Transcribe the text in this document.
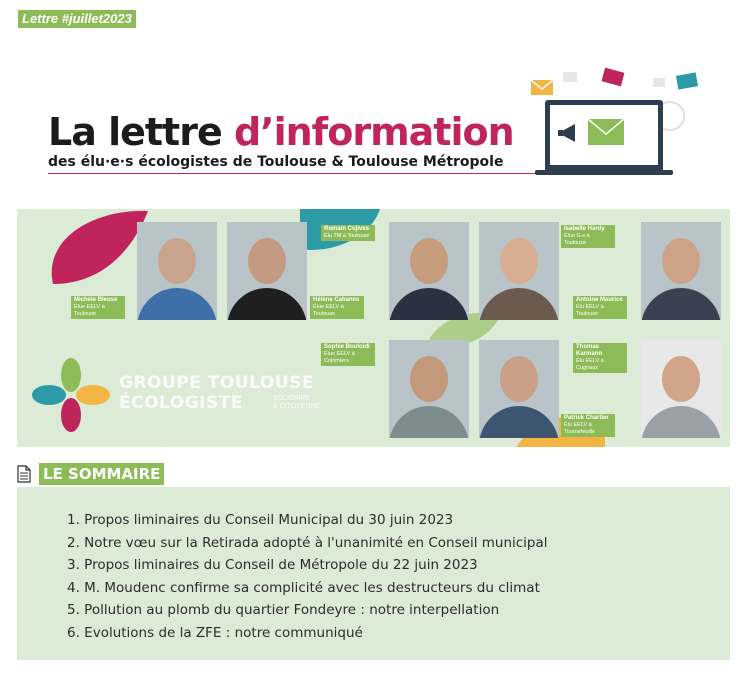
Lettre #juillet2023
La lettre d’information
des élu·e·s écologistes de Toulouse & Toulouse Métropole
Michèle Bleuse
Élue EELV à Toulouse
Hélène Cabanes
Élue EELV à Toulouse
Romain Cujives
Élu TM à Toulouse
Isabelle Hardy
Élue G.s à Toulouse
Antoine Maurice
Élu EELV à Toulouse
Sophie Bouloidi
Élue EELV à Colomiers
Thomas Karmann
Élu EELV à Cugnaux
Patrick Chartier
Élu EELV à Tournefeuille
GROUPE TOULOUSE
ÉCOLOGISTE	SOLIDAIRE
& CITOYENNE
LE SOMMAIRE
1. Propos liminaires du Conseil Municipal du 30 juin 2023
2. Notre vœu sur la Retirada adopté à l'unanimité en Conseil municipal
3. Propos liminaires du Conseil de Métropole du 22 juin 2023
4. M. Moudenc confirme sa complicité avec les destructeurs du climat
5. Pollution au plomb du quartier Fondeyre : notre interpellation
6. Evolutions de la ZFE : notre communiqué
